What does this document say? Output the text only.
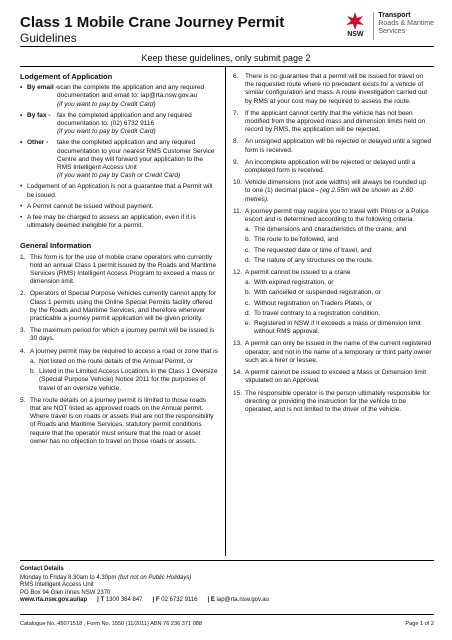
Class 1 Mobile Crane Journey Permit
Guidelines	NSW
Transport
Roads & Maritime
Services
Keep these guidelines, only submit page 2
Lodgement of Application
• By email - scan the complete the application and any required documentation and email to: iap@rta.nsw.gov.au
(if you want to pay by Credit Card)
• By fax -	fax the completed application and any required documentation to: (02) 6732 9116
(if you want to pay by Credit Card)
• Other -	take the completed application and any required documentation to your nearest RMS Customer Service Centre and they will forward your application to the RMS Intelligent Access Unit
(if you want to pay by Cash or Credit Card)
• Lodgement of an Application is not a guarantee that a Permit will be issued.
• A Permit cannot be issued without payment.
• A fee may be charged to assess an application, even if it is ultimately deemed ineligible for a permit.
General Information
1. This form is for the use of mobile crane operators who currently hold an annual Class 1 permit issued by the Roads and Maritime Services (RMS) Intelligent Access Program to exceed a mass or dimension limit.
2. Operators of Special Purpose Vehicles currently cannot apply for Class 1 permits using the Online Special Permits facility offered by the Roads and Maritime Services, and therefore wherever practicable a journey permit application will be given priority.
3. The maximum period for which a journey permit will be issued is 30 days.
4. A journey permit may be required to access a road or zone that is
a. Not listed on the route details of the Annual Permit, or
b. Listed in the Limited Access Locations in the Class 1 Oversize (Special Purpose Vehicle) Notice 2011 for the purposes of travel of an oversize vehicle.
5. The route details on a journey permit is limited to those roads that are NOT listed as approved roads on the Annual permit. Where travel is on roads or assets that are not the responsibility of Roads and Maritime Services, statutory permit conditions require that the operator must ensure that the road or asset owner has no objection to travel on those roads or assets.
6.	There is no guarantee that a permit will be issued for travel on the requested route where no precedent exists for a vehicle of similar configuration and mass. A route investigation carried out by RMS at your cost may be required to assess the route.
7.	If the applicant cannot certify that the vehicle has not been modified from the approved mass and dimension limits held on record by RMS, the application will be rejected.
8.	An unsigned application will be rejected or delayed until a signed form is received.
9.	An incomplete application will be rejected or delayed until a completed form is received.
10. Vehicle dimensions (not axle widths) will always be rounded up to one (1) decimal place - (eg 2.55m will be shown as 2.60 metres).
11. A journey permit may require you to travel with Pilots or a Police escort and is determined according to the following criteria
a. The dimensions and characteristics of the crane, and
b. The route to be followed, and
c. The requested date or time of travel, and
d. The nature of any structures on the route.
12. A permit cannot be issued to a crane
a. With expired registration, or
b. With cancelled or suspended registration, or
c. Without registration on Traders Plates, or
d. To travel contrary to a registration condition.
e. Registered in NSW if it exceeds a mass or dimension limit without RMS approval.
13. A permit can only be issued in the name of the current registered operator, and not in the name of a temporary or third party owner such as a hirer or lessee.
14. A permit cannot be issued to exceed a Mass or Dimension limit stipulated on an Approval.
15. The responsible operator is the person ultimately responsible for directing or providing the instruction for the vehicle to be operated, and is not limited to the driver of the vehicle.
Contact Details
Monday to Friday 8.30am to 4.30pm (but not on Public Holidays)
RMS Intelligent Access Unit
PO Box 94 Glen Innes NSW 2370
www.rta.nsw.gov.au/iap | T 1300 364 847 | F 02 6732 9116 | E iap@rta.nsw.gov.au
Catalogue No. 45071518 , Form No. 1550 (11/2011) ABN 76 236 371 088	Page 1 of 2
